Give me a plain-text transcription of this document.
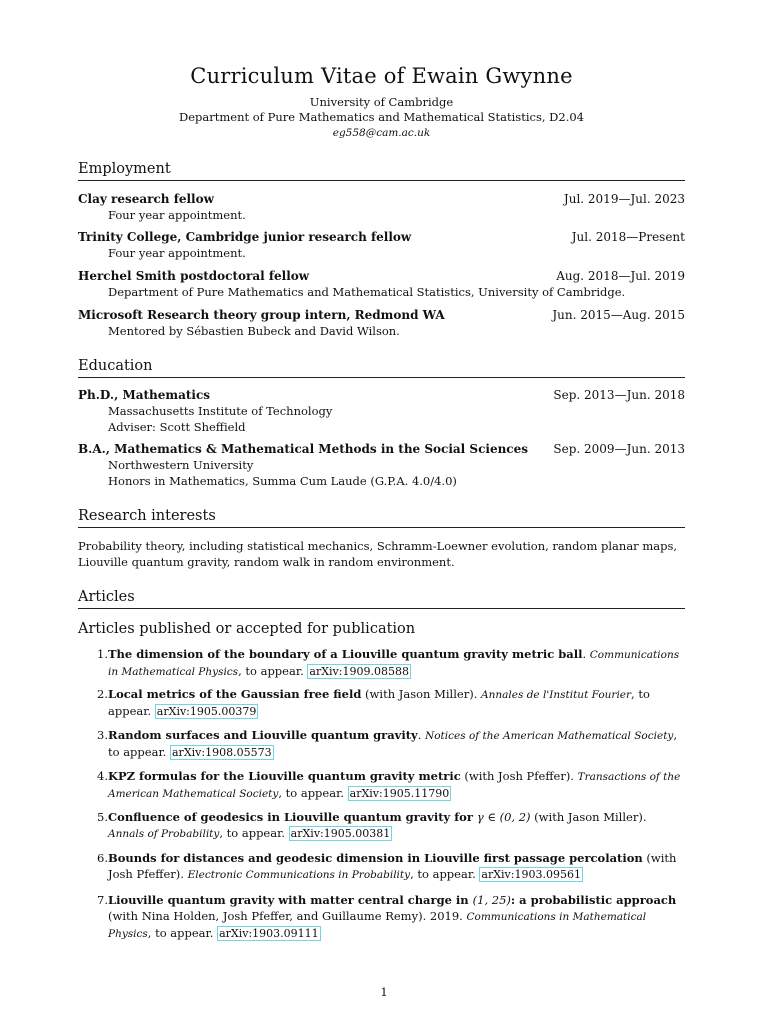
Curriculum Vitae of Ewain Gwynne
University of Cambridge
Department of Pure Mathematics and Mathematical Statistics, D2.04
eg558@cam.ac.uk
Employment
Clay research fellow	Jul. 2019—Jul. 2023
Four year appointment.
Trinity College, Cambridge junior research fellow	Jul. 2018—Present
Four year appointment.
Herchel Smith postdoctoral fellow	Aug. 2018—Jul. 2019
Department of Pure Mathematics and Mathematical Statistics, University of Cambridge.
Microsoft Research theory group intern, Redmond WA	Jun. 2015—Aug. 2015
Mentored by Sébastien Bubeck and David Wilson.
Education
Ph.D., Mathematics	Sep. 2013—Jun. 2018
Massachusetts Institute of Technology
Adviser: Scott Sheffield
B.A., Mathematics & Mathematical Methods in the Social Sciences Sep. 2009—Jun. 2013
Northwestern University
Honors in Mathematics, Summa Cum Laude (G.P.A. 4.0/4.0)
Research interests
Probability theory, including statistical mechanics, Schramm-Loewner evolution, random planar maps, Liouville quantum gravity, random walk in random environment.
Articles
Articles published or accepted for publication
1. The dimension of the boundary of a Liouville quantum gravity metric ball. Communications in Mathematical Physics, to appear. arXiv:1909.08588
2. Local metrics of the Gaussian free field (with Jason Miller). Annales de l'Institut Fourier, to appear. arXiv:1905.00379
3. Random surfaces and Liouville quantum gravity. Notices of the American Mathematical Society, to appear. arXiv:1908.05573
4. KPZ formulas for the Liouville quantum gravity metric (with Josh Pfeffer). Transactions of the American Mathematical Society, to appear. arXiv:1905.11790
5. Confluence of geodesics in Liouville quantum gravity for γ ∈ (0, 2) (with Jason Miller). Annals of Probability, to appear. arXiv:1905.00381
6. Bounds for distances and geodesic dimension in Liouville first passage percolation (with Josh Pfeffer). Electronic Communications in Probability, to appear. arXiv:1903.09561
7. Liouville quantum gravity with matter central charge in (1, 25): a probabilistic approach (with Nina Holden, Josh Pfeffer, and Guillaume Remy). 2019. Communications in Mathematical Physics, to appear. arXiv:1903.09111
1
